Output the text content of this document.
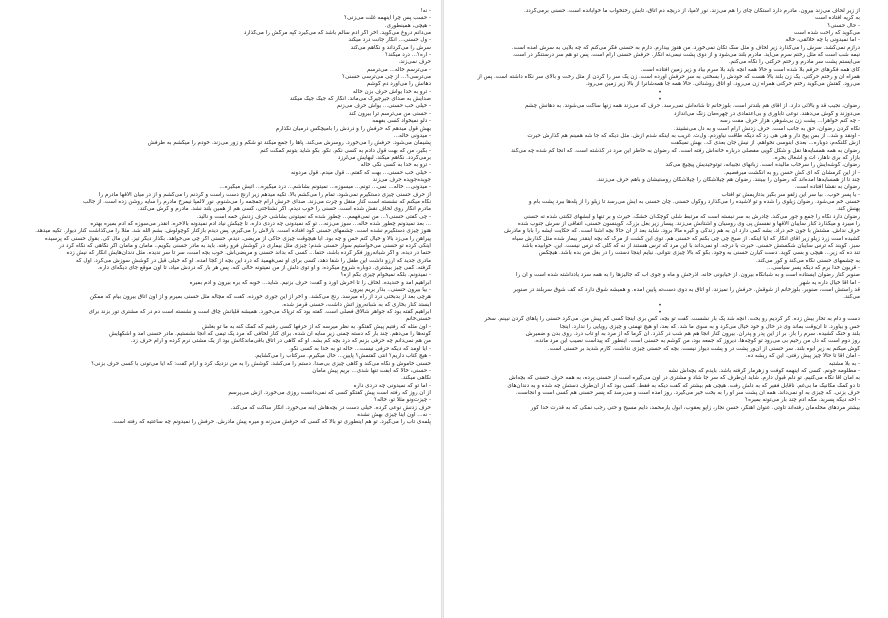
- نه!
- حسب پس چرا اینهمه غلت می‌زنی؟
- هیچی، همینطوری.
می‌دانم دروغ می‌گوید. آخر اگر آدم سالم باشد که می‌گیرد کپه مرگش را می‌گذارد
- ول حسنی... انگار جانت درد میکند
سرش را می‌گرداند و نگاهم می‌کند
- آره؟... درد میکند؟
حرف نمی‌زند.
- می‌ترسم خاله... می‌ترسم
می‌ترسی؟... از چی می‌ترسی حسنی؟
دهانش را می‌آورد دم گوشم
- ترو به خدا یواش حرف بزن خاله
صدایش به صدای جیرجیرک می‌ماند. انگار که جیک جیک میکند
- خیلی خب حسنی... یواش حرف می‌زنم
- حسنی من می‌ترسم ترا بیرون کند
- دلو نمیخواد کسی بفهمه
بهش قول میدهم که حرفش را و دردش را بامیچکس درمیان نگذارم
- میدونی خاله...
پشیمان می‌شود. حرفش را می‌خورد. روسرش می‌کند. پاها را جمع میکند تو شکم و زور می‌زند. خودم را میکشم به طرفش
- بگیر، من که بهت قول دادم به کسی نگم. نگو. بگو شاید بتونم کمکت کنم
برمی‌گردد. نگاهم میکند. لبهایش می‌لرزد
- ترو به خدا به کسی نگی خاله
- خیلی خب حسنی... بهت که گفتم... قول میدم. قول مردونه
جویده‌جویده حرف می‌زند
- میدونی... خاله... نمی... تونم... میسوزه... نمیتونم بشاشم... درد میگیره... آتیش میگیره...
از حرف حسنی چیزی دستگیرم نمی‌شود. تمام را می‌کشم بالا. تکیه میدهم زیر آرنج دست راست و گردنم را می‌کشم و از در میان آلاقها مادرم را
نگاه میکنم که نشسته است کنار منقل و چرت می‌زند. صدای خرنش آرام جمجمه را می‌شنوم. نور لالمپا نیمرخ مادرم را سایه روشن زده است. از جالب
مادرم انگار روی لحاف نقش شده است. حسنی را خوب دیدم. اگر نشناختی، کسی هم از همین بلند نشد. مادرم و کرش می‌کند.
- چی گفتی حسنی؟... من نمی‌فهمم... چطور شده که نمیتونی بشاشی حرف زدنش خمه است و نالید.
... بعد نمیدونم چطور شده خاله... سوز می‌زنه... تو که نمیدونی چه دردی داره. تا چیکش نیاد آدم نمیدونه بالاخره. آنقدر می‌سوزه که آدم بمیره بهتره
هنوز چیزی دستگیرم نشده است. چشمهای حسنی گود افتاده است. بارلاش را می‌گیرم. پس دیدم بازکتار کوچولوش. بشم الله شد. مثلا را می‌گذاشت کنار دیوار. تکیه میدهد.
پیراهن را می‌زد بالا و خیال کنم حس و چه بود. آیا هیچوقت چیزی حاکی از مریضی. دیدم. حسنی اگر چی می‌خواهد. بگذار دیگر تیز. این مال کی. بقول حسنی که پرسیده
اینکی کرده تو حسنی می‌خواستیم سوار حسنی شدم؛ چیزی مثل بیماری در گوشش فرو رفته. باید به مادر حسنی بگویم.. مامان و مامان اگر نگاهی که نگاه کرد در
حتما در دیده. و اگر شبانه‌روز فکر کرده باشد، حتماً... کسی که بداند حسنی و مریضی‌اش. خوب بچه است، سر تا سر ندیده. مثل دندان‌هایش انگار که نیش زده
مادری جدید که آرزو داشت این طفل را شفا دهد، کسی برای او نمی‌فهمید که درد این بچه از کجا آمده. او که خیلی قبل در گوشش سوزش می‌کرد. اول که
گرفته. کمی چیز بیشتری. دوباره شروع میکرده. و او توی دلش از من نمیتونه حالی کنه. پس هر بار که دردش میاد، تا اون موقع جای دیگه‌ای داره.
- نمیدونم. بلکه نمیخوام چیزی بگم آره؟
ابراهیم آمد و خندیده. لحاف را تا آخرش آورد و گفت: حرف بزنیم. شاید... خوبه که بره بیرون و آدم بمیره
- بیا بیرون حسنی.. بذار بریم بیرون
هرچی بعد از بدبختی درد از راه میرسد. رنج می‌کشد. و آخر از این جوری خورده. گفت که مچاله مثل حسنی بمیرم و از اون اتاق بیرون بیام که ممکن
ایستد کنار بخاری که به شبانه‌روز آتش داشت، حسنی قرمز شده.
ابراهیم گفته بود که جواهر شالاق فصلی است. گفته بود که ترپاک می‌خورد. همیشه قلیانش چاق است و نشسته است دم در که مشتری تور بزند برای
حسنی‌خانم
- اون مثله که رفتیم پیش گفتگو. به نظر میرسه که از حرفها کسی رفتیم که کمک کنه به ما تو بغلش
گونه‌ها را می‌دهم. چند بار که دسته چمنی زیر سایه آن شده. برای کنار لحافی که مرد یک تیمی که آنجا نشستیم. مادر حسنی آمد و اشکهایش
من هم نمی‌دانم چه حرفی بزنم که درد بچه کم بشه. او که گاهی در اتاق باقی‌ماندگانش بود از یک مشتی نرم کرده و آرام حرف زد.
- آیا اومد که دیگه حرفی نیست... خاله تو به خدا به کسی نگو.
- هیچ کتاب داریم؟ آنتی گفتمش؟ پایین... حال میگیرم. سرکتاب را می‌گشایم.
حسنی خاموش و نگاه می‌کند و گاهی چیزی بی‌صدا. دستم را می‌کشد. گوشش را به من نزدیک کرد و آرام گفت: که آیا می‌تونی با کسی حرف بزنی؟
- حسنی، خالا که ابفت تنها شدی... بریم پیش مامان
نگاهی میکند.
- اما تو که نمیدونی چه دردی داره
از آن روز که رفته است پیش گفتگو کسی که نمی‌دانست روزی می‌خورد. ازش می‌پرسم
- چیزت‌ونو مثلا تو، خاله؟
حرف زدنش نوعی کرده. خیلی دست در بچه‌هاش آینه می‌خورد. انگار ساکت که می‌کند.
- نه... اون اینا چیزی بهش نشده
پلمه‌ی تاب را می‌گیرد. تو هم اینطوری تو بالا که کسی که حرفش می‌زنه و میره پیش مادرش. حرفش را نمیدونم چه ساعتیه که رفته است.
از زیر لحاف می‌زند بیرون. مادرم دارد استکان چای را هم می‌زند. نور لامپا، از دریچه دم اتاق، تابش رختخواب ما خوابانده است. حسنی برمی‌گردد.
به کریه افتاده است
- حال حسنی؟
می‌گوید که راحت شده است
- اما نمیدونی با چه خلالقی، خاله
درازم نمی‌کشد. سرش را می‌گذارد زیر لحاف و مثل سگ تکان نمی‌خورد. من هنوز بیدارم. دارم به حسنی فکر می‌کنم که چه بلایی به سرش آمده است.
نیمه شب است که مثل رختم سرم می‌آید. مادرم بلند می‌شود و از دوی پشت نیمی‌نه انگار. حرفش حسنی آرام است. پس تو هم سر درستنگر در است.
می‌ایستم پشت سر مادرم و رختم حرکتی را نگاه می‌کنم.
کای همه فکرهای حرفم بلا شده است و حالا همه آنچه باید بلا سرم بیاد و زیر زمین افتاده است.
همراه آن و رختم حرکتی. یک زن بلند بالا هست که خودش را بسختی به سر حرفش آورده است. زن یک سر را گردن از مثل رخت و بالای سر نگاه داشته است. پس از
می‌رود. گفتش می‌گوید رختم حرکتی همراه زن می‌رود. او اتاق روشنائی. حالا همه جا همه‌شانرا از بالا زیر زمین می‌رود.
•
•
رضوان، نجیب قد و بالائی دارد. از آقای هم بلندتر است. بلوزخانم تا شانه‌اش نمی‌رسد. حرف که می‌زند همه زنها ساکت می‌شوند. به دهانش چشم
می‌دوزند و گوش می‌دهند. نوعی تاباوری و بی‌اعتمادی در چهره‌مان زنگ می‌اندازد
- چه کنم خواهرا... پشت زن بی‌شوهر، هزار حرف مفت رسه
نگاه کردن رضوان، حق به جانب است. حرف زدنش آرام است و به دل می‌نشیند.
- اونقد و شد.. از بس پیج دار و هی هی زد که دیگه طاقت نیاوردم. ول‌ت. غریب به اینکه شدم ازش. مثل دیگه که جا شه همینم هم گذارش حیرت
ازش کلنکه‌م، دوباره... بعدی آبنوسی نخواهم. از نیش جان بعدی ک.. بهش نمیگفت
رضوان به همه همسایه‌ها نقل و شکل گویی مفصلی درباره خانه‌اش رفته است. که رضوان به خاطر این مرد در گذشته است. که آنجا کم شده چه می‌کند
بازار که بری ناهار، آت و آشغال بخره.
رضوان، گوشه‌ایش را سرخاب مالیده است. زبانهای نجیبانه، توتوحیدیش پیچیچ می‌کند
- از این کرمشان که ای کش حسن رو به انگشت میرفصیم.
چند تا از همسایه‌ها آمده‌اند که رضوان را ببینند. رضوان هم چیلاشگان را چیلاشگان روستیشان و باهم حرف می‌زنند.
رضوان به نقشا افتاده است.
- یا پسر خوب.. بیا سر این زلفو سر بگیر بدتازیمش تو آفتاب
حسنی خم می‌شود. رضوان زیلوی‌ را شده و تو لاشیده را می‌گذارد روکول حسنی. چان حسنی به ایش می‌رسد تا زیلو را از پله‌ها ببرد پشت بام و
پهنش کند.
رضوان دارد نگاه را جمع و جور می‌کند. چادرش به سر نبسته است که مرتبط شلی کوچک‌ان خشک. خیرت و بر تنها و لبشهای لکنتی شده ته حسنی
را میبرد و میگذارد کنار سایبان آلاقها و نفسش پی وی روسیان و آشتانش می‌زند. پیسار زیر بغل بزرگ. گوینسون حسنی، اتفاقی از سرش جنوب شده
حرف نداش. مشتش با جون خم دراد. بشه کمی دارد آن به هم زندگی و گیره مالا برود. شاید بعد از آن حالا بچه آشنا است. که حکایت ایشه را بابا و مادرش
کشیده است زرد زیلو زیر آقای انگار که آیا اینکه. از صبح چی چی بکنم که حسنی هم. توی این کشت از مرگ که بچه اینقدر بیمار شده مثل گذارش سیاه
سبز. گویند که ترس سایبان شکستش حسنی. حیرت با درجه. او نمی‌داند با این مرد که ترس هستند از نه که گلی که ترس نیست. این. خوابیده باشد
تند ده که زیر... هیچی و بسی گوید. دست کیارن حسنی به وجود. بگو که بالا چیزی نتوانی. نیایم اینجا دستت را در بغل من بده باشد. هیچکس
به چشمهای حسنی نگاه می‌کند و کور می‌کند.
- قربون خدا برم که دیگه پسر سیاسی...
صنوبر کنار رضوان ایستاده است و به شبانگاه بیرون. از خیابونی خانه. آذرخش و ماه و جوی آب که جالیزها را به همه سرد یادداشته شده است و آن را
- اما آقا خیال داره یه شهر
قد راستش است، صنوبر. بلوزخانم از شوقش. حرفش را نمیزند. او اتاق به دوی دست‌ته پایین آمده. و همیشه شوق دارد که کف شوق سربلند در صنوبر
می‌کند.
•
•
دست و دام به تحار بیش زده. کر کردیم رو بحت. آنچه شد یک بار نشست. گفت تو بچه، کس بری اینجا کسی کم پیش من. می‌کرد حسنی را پاهای گردن نبینم. سحر
حس و بیاورد. تا آن‌وقت بماند وی در حال و خود خیال می‌کرد و به سوی ما شد. که بعد، او هیچ تهمتی و چیزی رویایی را ندارد. اینجا
بلند و خنک کشیده. سرم را باز. بر از این پدر و پدران. بیرون کنار آنجا هم هم شب در گذرد. آن گرما که از مرد به او تاب درد. روی بدن و ضمیرش
روز دوم است که دل من رحیم بی می‌رود تو کوچه‌ها. دیروز که جمعه بود، من گوشم به حسنی است. اینطور که پیداست نصیب این مرد مانده.
گوش میکنم به زیر ابوه بلند. سر حسنی از آن‌ور پشت در و پشت دیوار نیست. بچه که حسنی چیزی نداشت. کارم شدید بر حسنی است.
- امان آقا تا حالا چیز پیش رفتی. این که ریشه ده.
- به بلا مشتبه
- مطلومه جونم. کسی که اینهمه کوفت و زهرمار گرفته باشد. بایدم که بچه‌اش نشه
به امان آقا نگاه می‌کنیم. تو دلم قبول دارم. شاید آن‌طرف که سر جا شاد و مشتری در اون می‌گیره است از حسنی پرده، به همه حرف حسنی که بچه‌اش
تا دو کمک مکانیک ما بی‌غم. ناقابل فقیر که به دلش رفت. هیچی هم بیشتر که گفت دیکه به فقط. کسی بود که از آن‌طرف دستش چه شده و به دندان‌های
حرف بزنی. که چیزی به او نمی‌داند. همه آن پشت سر او را به بخت خیر می‌گیرد. روز آمده است و می‌رسد که پسر حسنی هم کسی است و آنجاست.
- آخه دیگه پسربد. مگه آدم چند بار می‌تونه بمیره؟
بیشتر مردهای محله‌مان رفته‌اند تاوتی. عنوان آهنگر، حسن نجار، زاپو یعقوب، ابول یارمحمد، دایم مسیح و حتی رجب نمکی که به قدرت خدا کور
